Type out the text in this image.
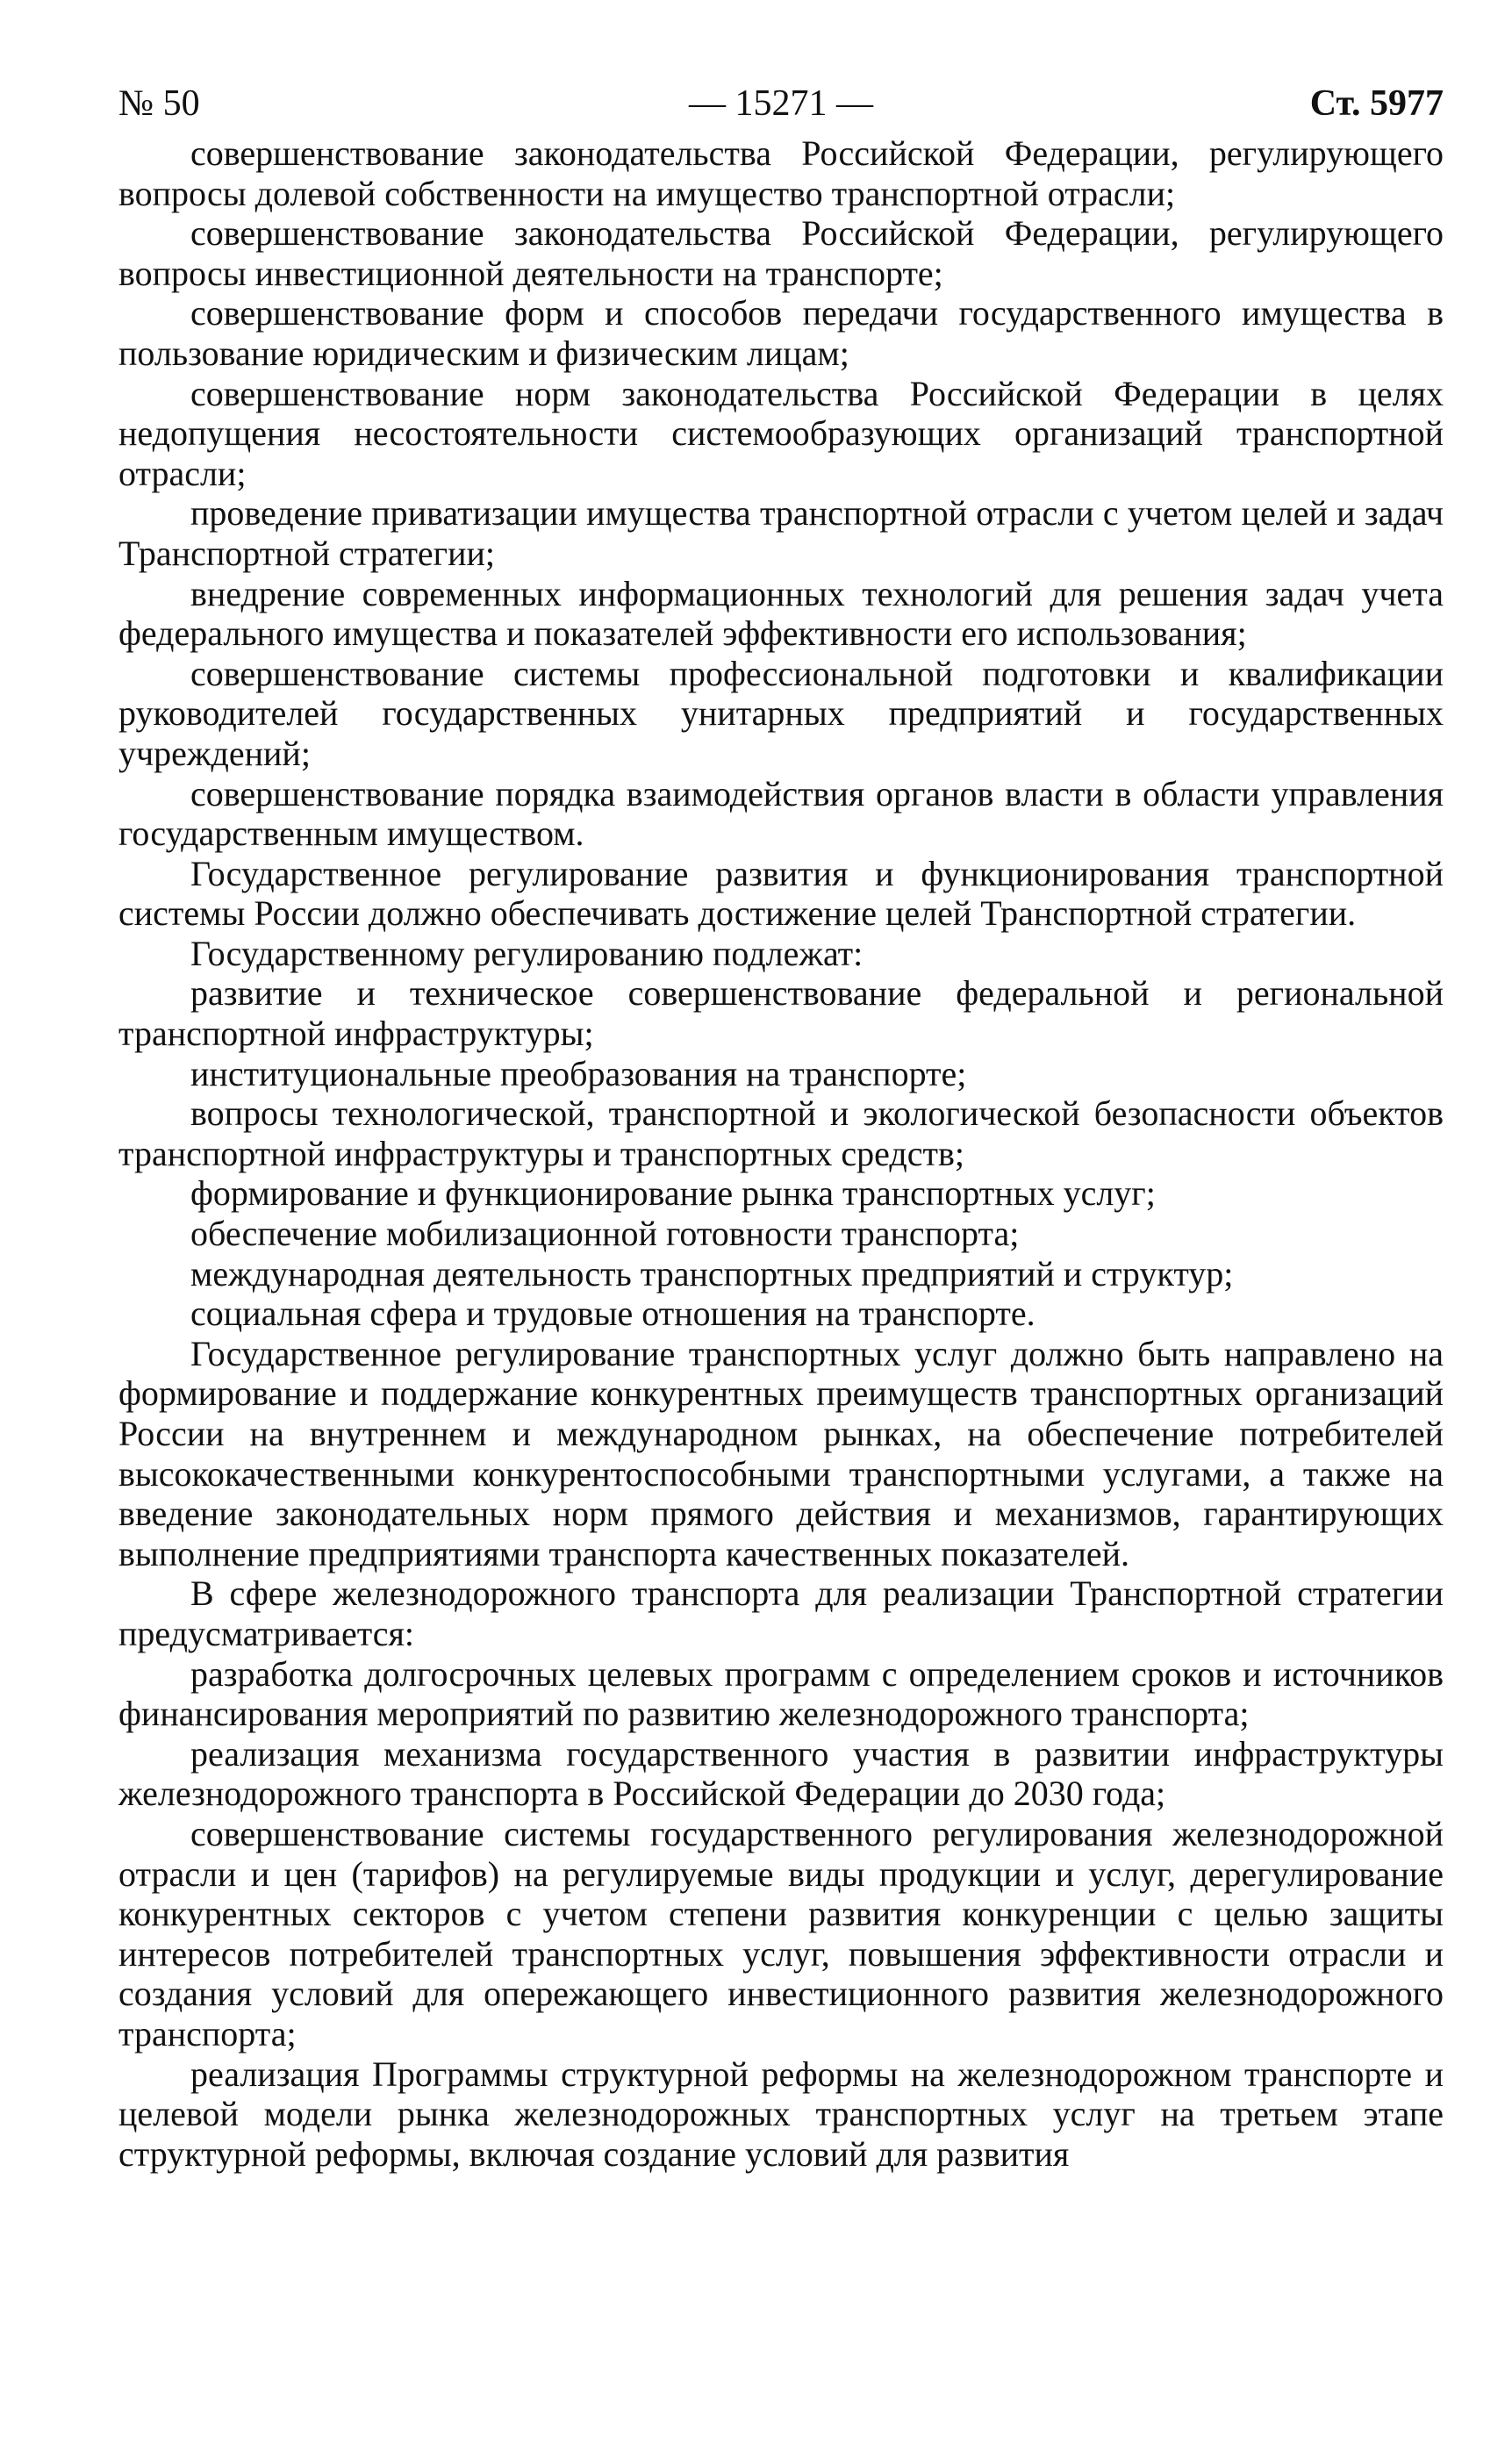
№ 50	— 15271 —	Ст. 5977

совершенствование законодательства Российской Федерации, регулирующего вопросы долевой собственности на имущество транспортной отрасли;

совершенствование законодательства Российской Федерации, регулирующего вопросы инвестиционной деятельности на транспорте;

совершенствование форм и способов передачи государственного имущества в пользование юридическим и физическим лицам;

совершенствование норм законодательства Российской Федерации в целях недопущения несостоятельности системообразующих организаций транспортной отрасли;

проведение приватизации имущества транспортной отрасли с учетом целей и задач Транспортной стратегии;

внедрение современных информационных технологий для решения задач учета федерального имущества и показателей эффективности его использования;

совершенствование системы профессиональной подготовки и квалификации руководителей государственных унитарных предприятий и государственных учреждений;

совершенствование порядка взаимодействия органов власти в области управления государственным имуществом.

Государственное регулирование развития и функционирования транспортной системы России должно обеспечивать достижение целей Транспортной стратегии.

Государственному регулированию подлежат:

развитие и техническое совершенствование федеральной и региональной транспортной инфраструктуры;

институциональные преобразования на транспорте;

вопросы технологической, транспортной и экологической безопасности объектов транспортной инфраструктуры и транспортных средств;

формирование и функционирование рынка транспортных услуг;

обеспечение мобилизационной готовности транспорта;

международная деятельность транспортных предприятий и структур;

социальная сфера и трудовые отношения на транспорте.

Государственное регулирование транспортных услуг должно быть направлено на формирование и поддержание конкурентных преимуществ транспортных организаций России на внутреннем и международном рынках, на обеспечение потребителей высококачественными конкурентоспособными транспортными услугами, а также на введение законодательных норм прямого действия и механизмов, гарантирующих выполнение предприятиями транспорта качественных показателей.

В сфере железнодорожного транспорта для реализации Транспортной стратегии предусматривается:

разработка долгосрочных целевых программ с определением сроков и источников финансирования мероприятий по развитию железнодорожного транспорта;

реализация механизма государственного участия в развитии инфраструктуры железнодорожного транспорта в Российской Федерации до 2030 года;

совершенствование системы государственного регулирования железнодорожной отрасли и цен (тарифов) на регулируемые виды продукции и услуг, дерегулирование конкурентных секторов с учетом степени развития конкуренции с целью защиты интересов потребителей транспортных услуг, повышения эффективности отрасли и создания условий для опережающего инвестиционного развития железнодорожного транспорта;

реализация Программы структурной реформы на железнодорожном транспорте и целевой модели рынка железнодорожных транспортных услуг на третьем этапе структурной реформы, включая создание условий для развития
